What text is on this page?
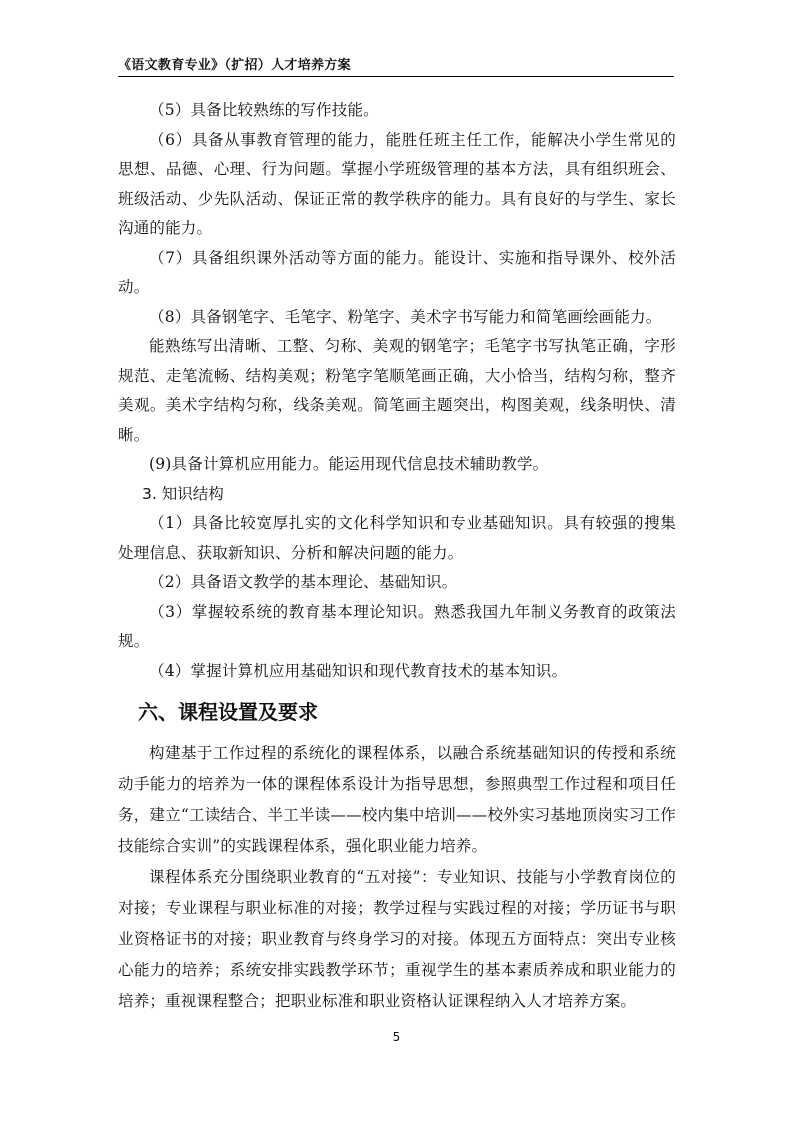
《语文教育专业》（扩招）人才培养方案

（5）具备比较熟练的写作技能。

（6）具备从事教育管理的能力，能胜任班主任工作，能解决小学生常见的思想、品德、心理、行为问题。掌握小学班级管理的基本方法，具有组织班会、班级活动、少先队活动、保证正常的教学秩序的能力。具有良好的与学生、家长沟通的能力。

（7）具备组织课外活动等方面的能力。能设计、实施和指导课外、校外活动。

（8）具备钢笔字、毛笔字、粉笔字、美术字书写能力和简笔画绘画能力。

能熟练写出清晰、工整、匀称、美观的钢笔字；毛笔字书写执笔正确，字形规范、走笔流畅、结构美观；粉笔字笔顺笔画正确，大小恰当，结构匀称，整齐美观。美术字结构匀称，线条美观。简笔画主题突出，构图美观，线条明快、清晰。

(9)具备计算机应用能力。能运用现代信息技术辅助教学。

3. 知识结构

（1）具备比较宽厚扎实的文化科学知识和专业基础知识。具有较强的搜集处理信息、获取新知识、分析和解决问题的能力。

（2）具备语文教学的基本理论、基础知识。

（3）掌握较系统的教育基本理论知识。熟悉我国九年制义务教育的政策法规。

（4）掌握计算机应用基础知识和现代教育技术的基本知识。

六、课程设置及要求

构建基于工作过程的系统化的课程体系，以融合系统基础知识的传授和系统动手能力的培养为一体的课程体系设计为指导思想，参照典型工作过程和项目任务，建立“工读结合、半工半读——校内集中培训——校外实习基地顶岗实习工作技能综合实训”的实践课程体系，强化职业能力培养。

课程体系充分围绕职业教育的“五对接”：专业知识、技能与小学教育岗位的对接；专业课程与职业标准的对接；教学过程与实践过程的对接；学历证书与职业资格证书的对接；职业教育与终身学习的对接。体现五方面特点：突出专业核心能力的培养；系统安排实践教学环节；重视学生的基本素质养成和职业能力的培养；重视课程整合；把职业标准和职业资格认证课程纳入人才培养方案。

5
